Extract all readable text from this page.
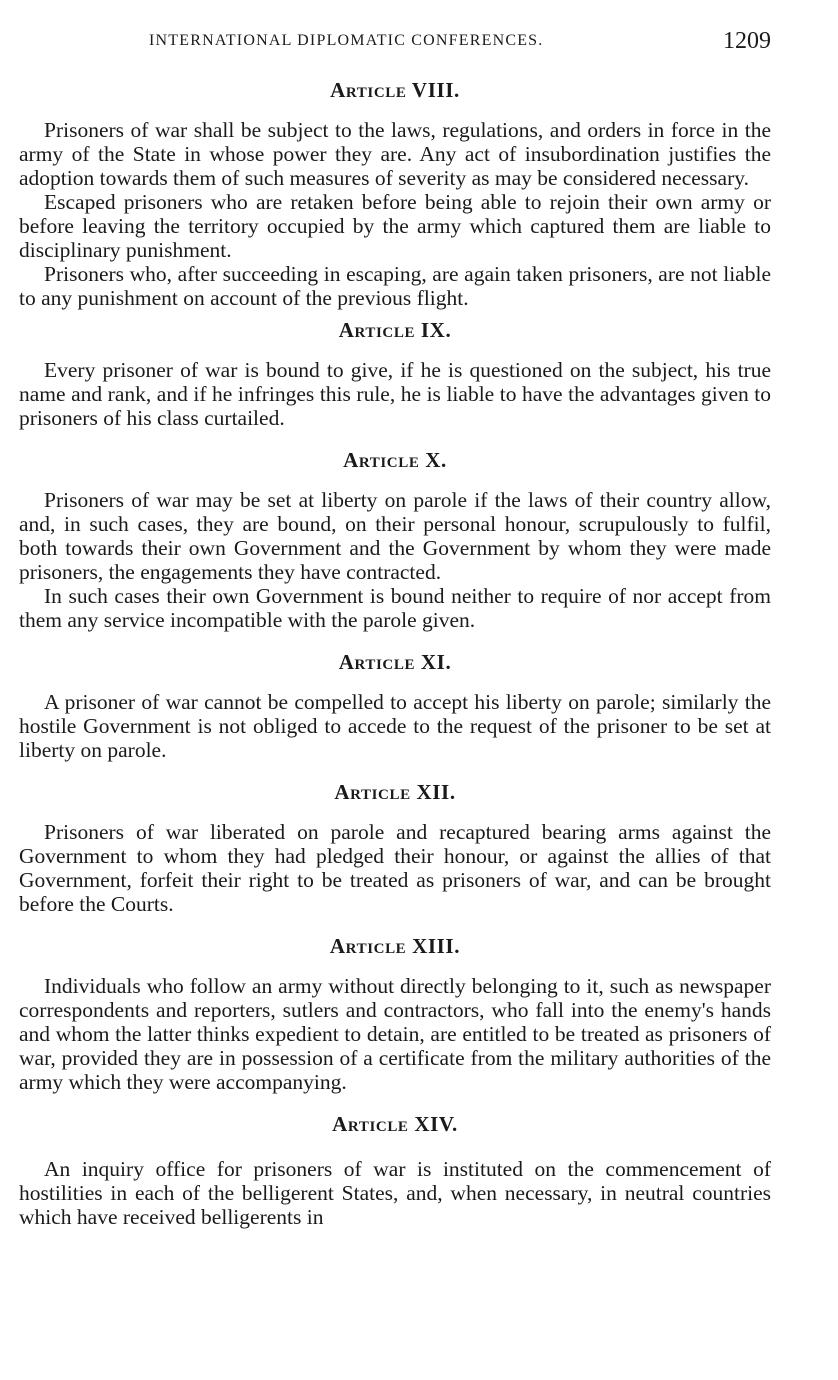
INTERNATIONAL DIPLOMATIC CONFERENCES.	1209
Article VIII.

Prisoners of war shall be subject to the laws, regulations, and orders in force in the army of the State in whose power they are. Any act of insubordination justifies the adoption towards them of such measures of severity as may be considered necessary.

Escaped prisoners who are retaken before being able to rejoin their own army or before leaving the territory occupied by the army which captured them are liable to disciplinary punishment.

Prisoners who, after succeeding in escaping, are again taken prisoners, are not liable to any punishment on account of the previous flight.

Article IX.

Every prisoner of war is bound to give, if he is questioned on the subject, his true name and rank, and if he infringes this rule, he is liable to have the advantages given to prisoners of his class curtailed.

Article X.

Prisoners of war may be set at liberty on parole if the laws of their country allow, and, in such cases, they are bound, on their personal honour, scrupulously to fulfil, both towards their own Government and the Government by whom they were made prisoners, the engagements they have contracted.

In such cases their own Government is bound neither to require of nor accept from them any service incompatible with the parole given.

Article XI.

A prisoner of war cannot be compelled to accept his liberty on parole; similarly the hostile Government is not obliged to accede to the request of the prisoner to be set at liberty on parole.

Article XII.

Prisoners of war liberated on parole and recaptured bearing arms against the Government to whom they had pledged their honour, or against the allies of that Government, forfeit their right to be treated as prisoners of war, and can be brought before the Courts.

Article XIII.

Individuals who follow an army without directly belonging to it, such as newspaper correspondents and reporters, sutlers and contractors, who fall into the enemy's hands and whom the latter thinks expedient to detain, are entitled to be treated as prisoners of war, provided they are in possession of a certificate from the military authorities of the army which they were accompanying.

Article XIV.

An inquiry office for prisoners of war is instituted on the commencement of hostilities in each of the belligerent States, and, when necessary, in neutral countries which have received belligerents in
